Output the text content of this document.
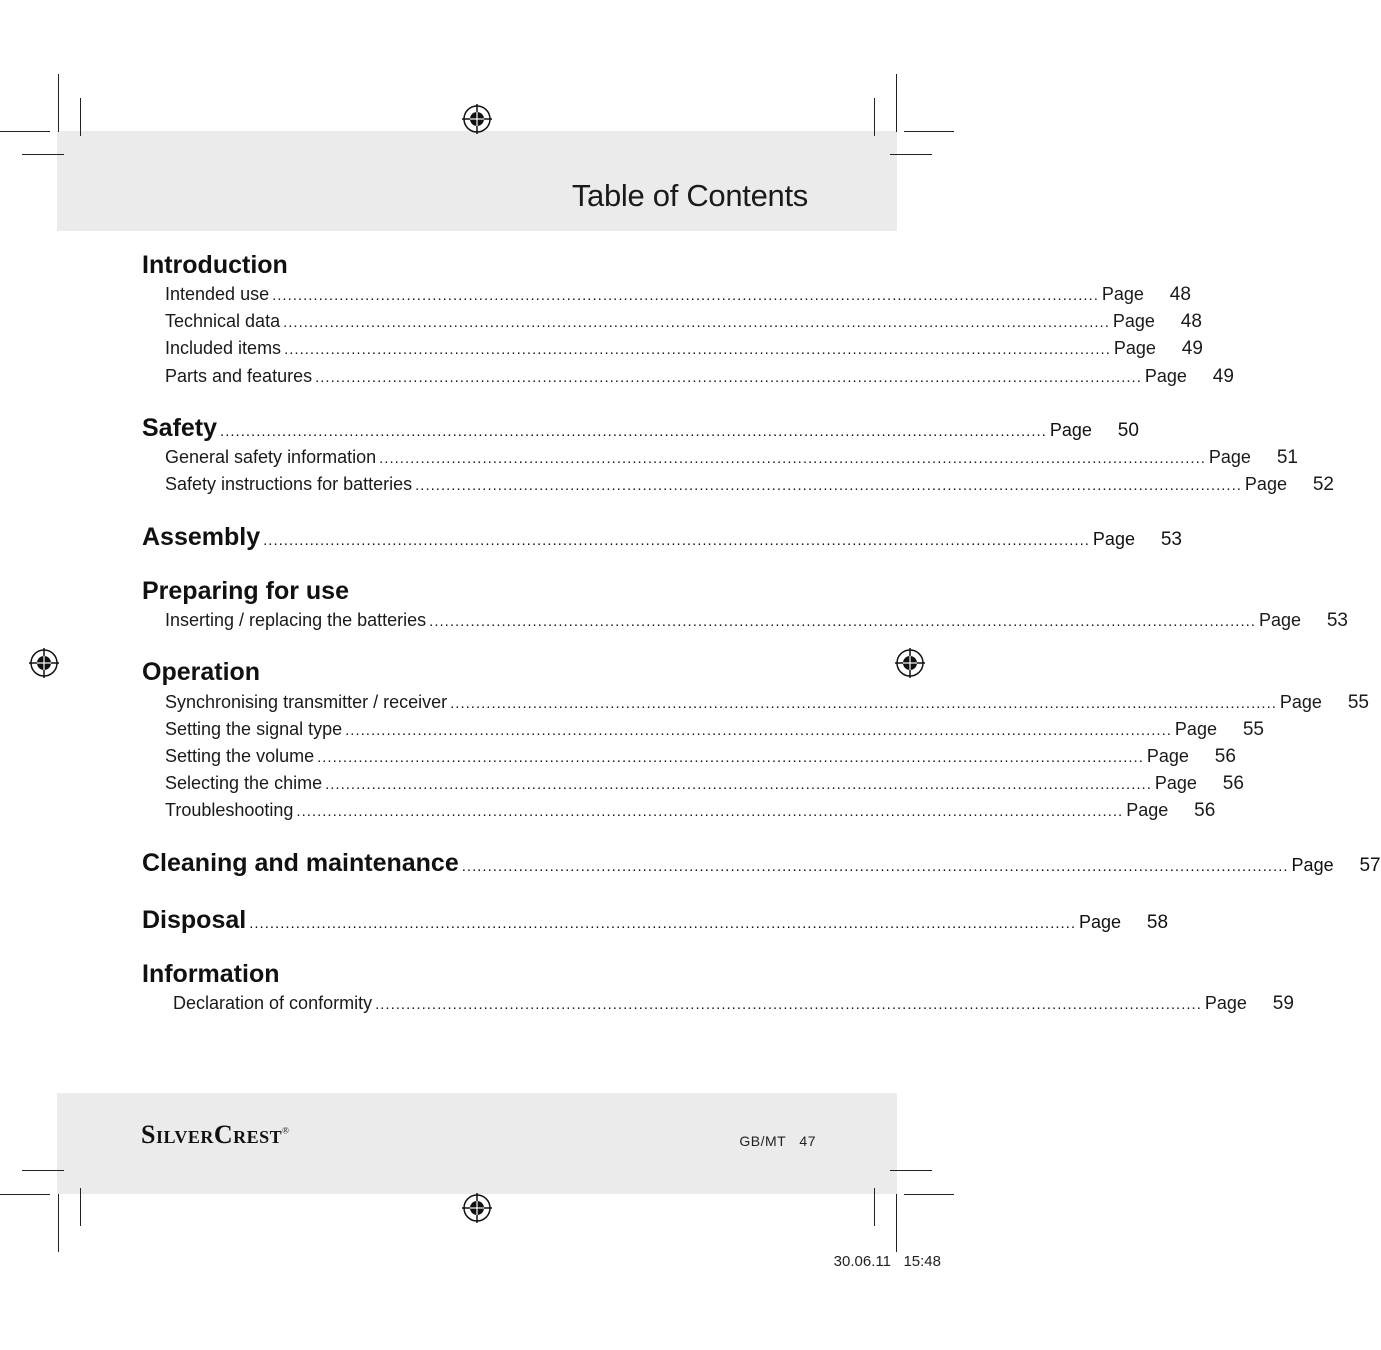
Table of Contents
Introduction
Intended use ................................................................................................................................................................ Page	48
Technical data ................................................................................................................................................................ Page	48
Included items ................................................................................................................................................................ Page	49
Parts and features ................................................................................................................................................................ Page	49
Safety ................................................................................................................................................................ Page	50
General safety information ................................................................................................................................................................ Page	51
Safety instructions for batteries ................................................................................................................................................................ Page	52
Assembly ................................................................................................................................................................ Page	53
Preparing for use
Inserting / replacing the batteries ................................................................................................................................................................ Page	53
Operation
Synchronising transmitter / receiver ................................................................................................................................................................ Page	55
Setting the signal type ................................................................................................................................................................ Page	55
Setting the volume ................................................................................................................................................................ Page	56
Selecting the chime ................................................................................................................................................................ Page	56
Troubleshooting ................................................................................................................................................................ Page	56
Cleaning and maintenance ................................................................................................................................................................ Page	57
Disposal ................................................................................................................................................................ Page	58
Information
Declaration of conformity ................................................................................................................................................................ Page	59
SilverCrest®
GB/MT 47
30.06.11 15:48
